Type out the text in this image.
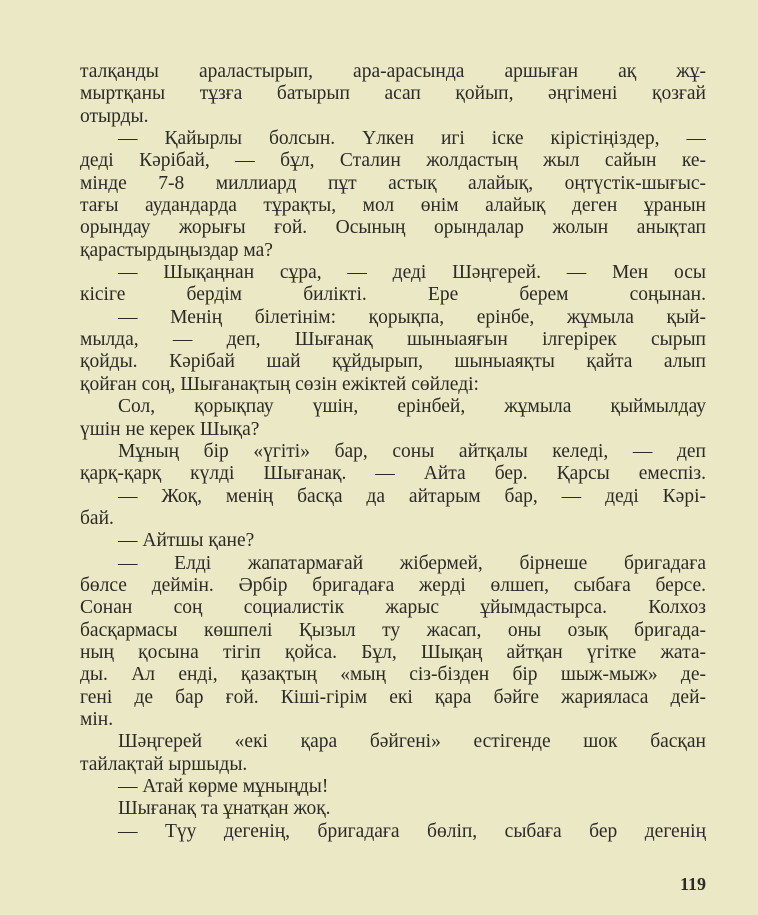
талқанды араластырып, ара-арасында аршыған ақ жұ-
мыртқаны тұзға батырып асап қойып, әңгімені қозғай
отырды.
— Қайырлы болсын. Үлкен игі іске кірістіңіздер, —
деді Кәрібай, — бұл, Сталин жолдастың жыл сайын ке-
мінде 7-8 миллиард пұт астық алайық, оңтүстік-шығыс-
тағы аудандарда тұрақты, мол өнім алайық деген ұранын
орындау жорығы ғой. Осының орындалар жолын анықтап
қарастырдыңыздар ма?
— Шықаңнан сұра, — деді Шәңгерей. — Мен осы
кісіге бердім билікті. Ере берем соңынан.
— Менің білетінім: қорықпа, ерінбе, жұмыла қый-
мылда, — деп, Шығанақ шыныаяғын ілгерірек сырып
қойды. Кәрібай шай құйдырып, шыныаяқты қайта алып
қойған соң, Шығанақтың сөзін ежіктей сөйледі:
Сол, қорықпау үшін, ерінбей, жұмыла қыймылдау
үшін не керек Шықа?
Мұның бір «үгіті» бар, соны айтқалы келеді, — деп
қарқ-қарқ күлді Шығанақ. — Айта бер. Қарсы емеспіз.
— Жоқ, менің басқа да айтарым бар, — деді Кәрі-
бай.
— Айтшы қане?
— Елді жапатармағай жібермей, бірнеше бригадаға
бөлсе деймін. Әрбір бригадаға жерді өлшеп, сыбаға берсе.
Сонан соң социалистік жарыс ұйымдастырса. Колхоз
басқармасы көшпелі Қызыл ту жасап, оны озық бригада-
ның қосына тігіп қойса. Бұл, Шықаң айтқан үгітке жата-
ды. Ал енді, қазақтың «мың сіз-бізден бір шыж-мыж» де-
гені де бар ғой. Кіші-гірім екі қара бәйге жарияласа дей-
мін.
Шәңгерей «екі қара бәйгені» естігенде шок басқан
тайлақтай ыршыды.
— Атай көрме мұныңды!
Шығанақ та ұнатқан жоқ.
— Түу дегенің, бригадаға бөліп, сыбаға бер дегенің
119
